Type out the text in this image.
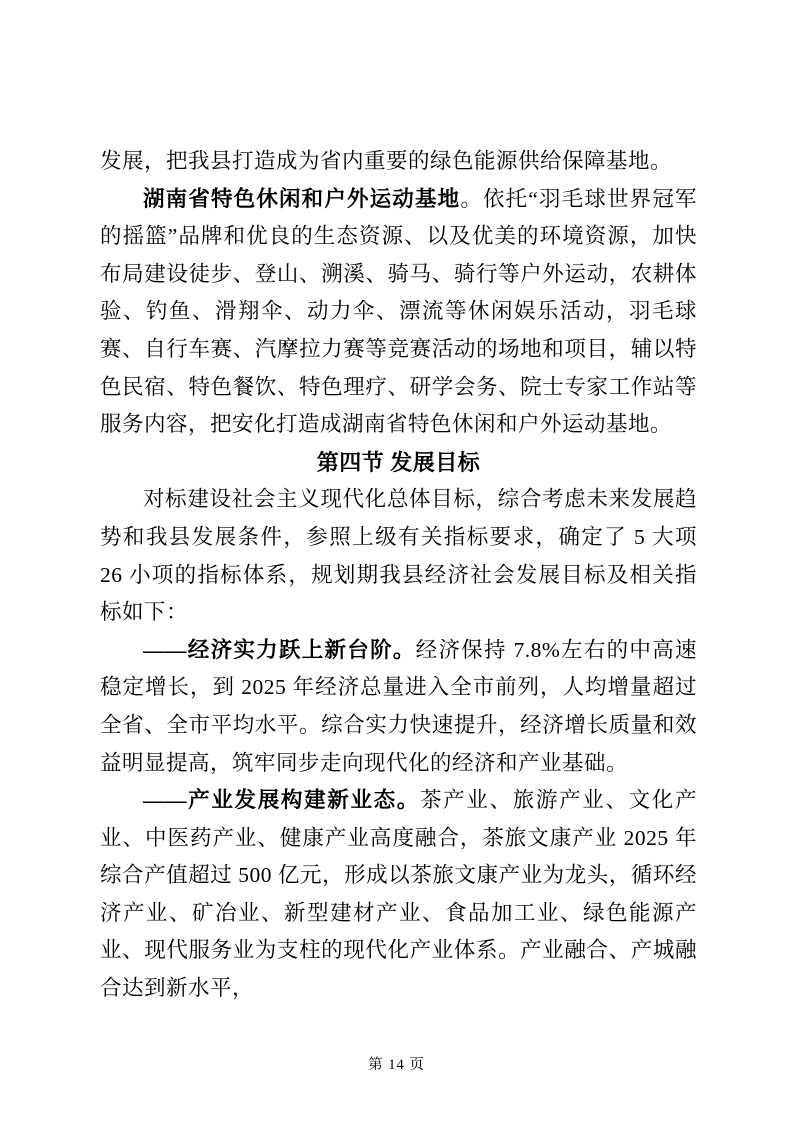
发展，把我县打造成为省内重要的绿色能源供给保障基地。

湖南省特色休闲和户外运动基地。依托“羽毛球世界冠军的摇篮”品牌和优良的生态资源、以及优美的环境资源，加快布局建设徒步、登山、溯溪、骑马、骑行等户外运动，农耕体验、钓鱼、滑翔伞、动力伞、漂流等休闲娱乐活动，羽毛球赛、自行车赛、汽摩拉力赛等竞赛活动的场地和项目，辅以特色民宿、特色餐饮、特色理疗、研学会务、院士专家工作站等服务内容，把安化打造成湖南省特色休闲和户外运动基地。

第四节 发展目标

对标建设社会主义现代化总体目标，综合考虑未来发展趋势和我县发展条件，参照上级有关指标要求，确定了 5 大项 26 小项的指标体系，规划期我县经济社会发展目标及相关指标如下：

——经济实力跃上新台阶。经济保持 7.8%左右的中高速稳定增长，到 2025 年经济总量进入全市前列，人均增量超过全省、全市平均水平。综合实力快速提升，经济增长质量和效益明显提高，筑牢同步走向现代化的经济和产业基础。

——产业发展构建新业态。茶产业、旅游产业、文化产业、中医药产业、健康产业高度融合，茶旅文康产业 2025 年综合产值超过 500 亿元，形成以茶旅文康产业为龙头，循环经济产业、矿冶业、新型建材产业、食品加工业、绿色能源产业、现代服务业为支柱的现代化产业体系。产业融合、产城融合达到新水平，

第 14 页
